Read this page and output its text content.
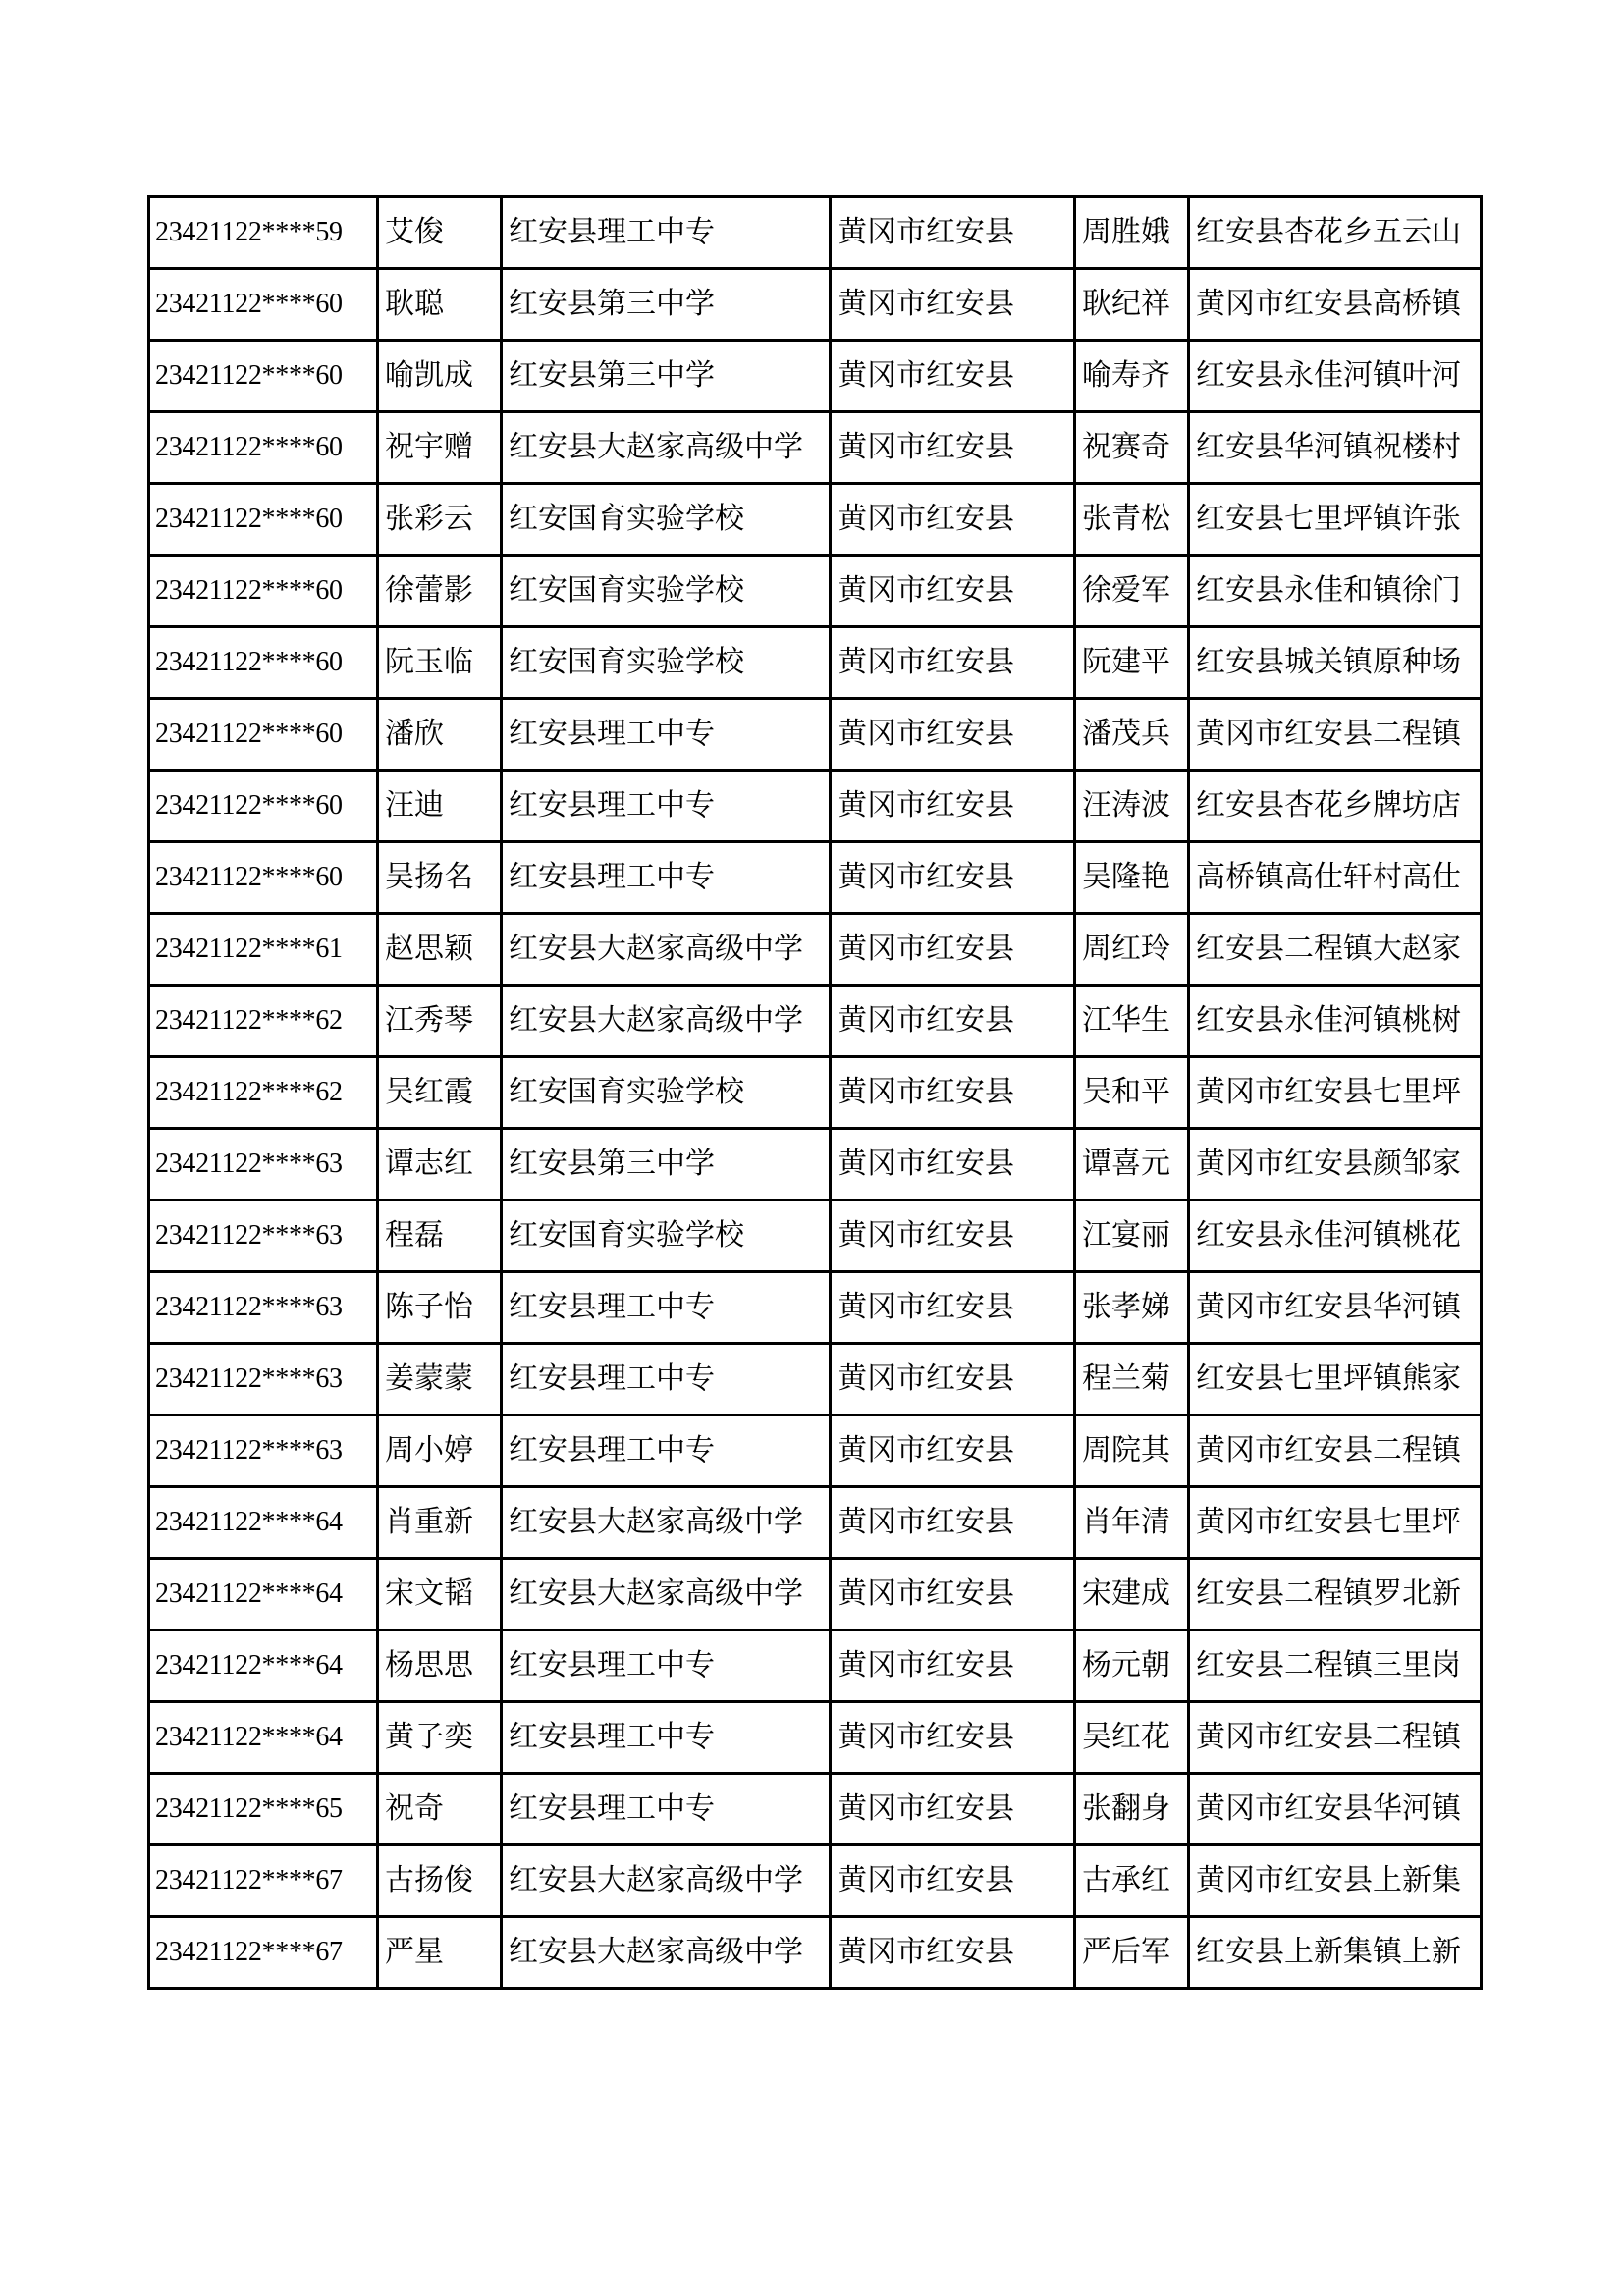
23421122****59	艾俊	红安县理工中专	黄冈市红安县	周胜娥	红安县杏花乡五云山
23421122****60	耿聪	红安县第三中学	黄冈市红安县	耿纪祥	黄冈市红安县高桥镇
23421122****60	喻凯成	红安县第三中学	黄冈市红安县	喻寿齐	红安县永佳河镇叶河
23421122****60	祝宇赠	红安县大赵家高级中学	黄冈市红安县	祝赛奇	红安县华河镇祝楼村
23421122****60	张彩云	红安国育实验学校	黄冈市红安县	张青松	红安县七里坪镇许张
23421122****60	徐蕾影	红安国育实验学校	黄冈市红安县	徐爱军	红安县永佳和镇徐门
23421122****60	阮玉临	红安国育实验学校	黄冈市红安县	阮建平	红安县城关镇原种场
23421122****60	潘欣	红安县理工中专	黄冈市红安县	潘茂兵	黄冈市红安县二程镇
23421122****60	汪迪	红安县理工中专	黄冈市红安县	汪涛波	红安县杏花乡牌坊店
23421122****60	吴扬名	红安县理工中专	黄冈市红安县	吴隆艳	高桥镇高仕轩村高仕
23421122****61	赵思颖	红安县大赵家高级中学	黄冈市红安县	周红玲	红安县二程镇大赵家
23421122****62	江秀琴	红安县大赵家高级中学	黄冈市红安县	江华生	红安县永佳河镇桃树
23421122****62	吴红霞	红安国育实验学校	黄冈市红安县	吴和平	黄冈市红安县七里坪
23421122****63	谭志红	红安县第三中学	黄冈市红安县	谭喜元	黄冈市红安县颜邹家
23421122****63	程磊	红安国育实验学校	黄冈市红安县	江宴丽	红安县永佳河镇桃花
23421122****63	陈子怡	红安县理工中专	黄冈市红安县	张孝娣	黄冈市红安县华河镇
23421122****63	姜蒙蒙	红安县理工中专	黄冈市红安县	程兰菊	红安县七里坪镇熊家
23421122****63	周小婷	红安县理工中专	黄冈市红安县	周院其	黄冈市红安县二程镇
23421122****64	肖重新	红安县大赵家高级中学	黄冈市红安县	肖年清	黄冈市红安县七里坪
23421122****64	宋文韬	红安县大赵家高级中学	黄冈市红安县	宋建成	红安县二程镇罗北新
23421122****64	杨思思	红安县理工中专	黄冈市红安县	杨元朝	红安县二程镇三里岗
23421122****64	黄子奕	红安县理工中专	黄冈市红安县	吴红花	黄冈市红安县二程镇
23421122****65	祝奇	红安县理工中专	黄冈市红安县	张翻身	黄冈市红安县华河镇
23421122****67	古扬俊	红安县大赵家高级中学	黄冈市红安县	古承红	黄冈市红安县上新集
23421122****67	严星	红安县大赵家高级中学	黄冈市红安县	严后军	红安县上新集镇上新
